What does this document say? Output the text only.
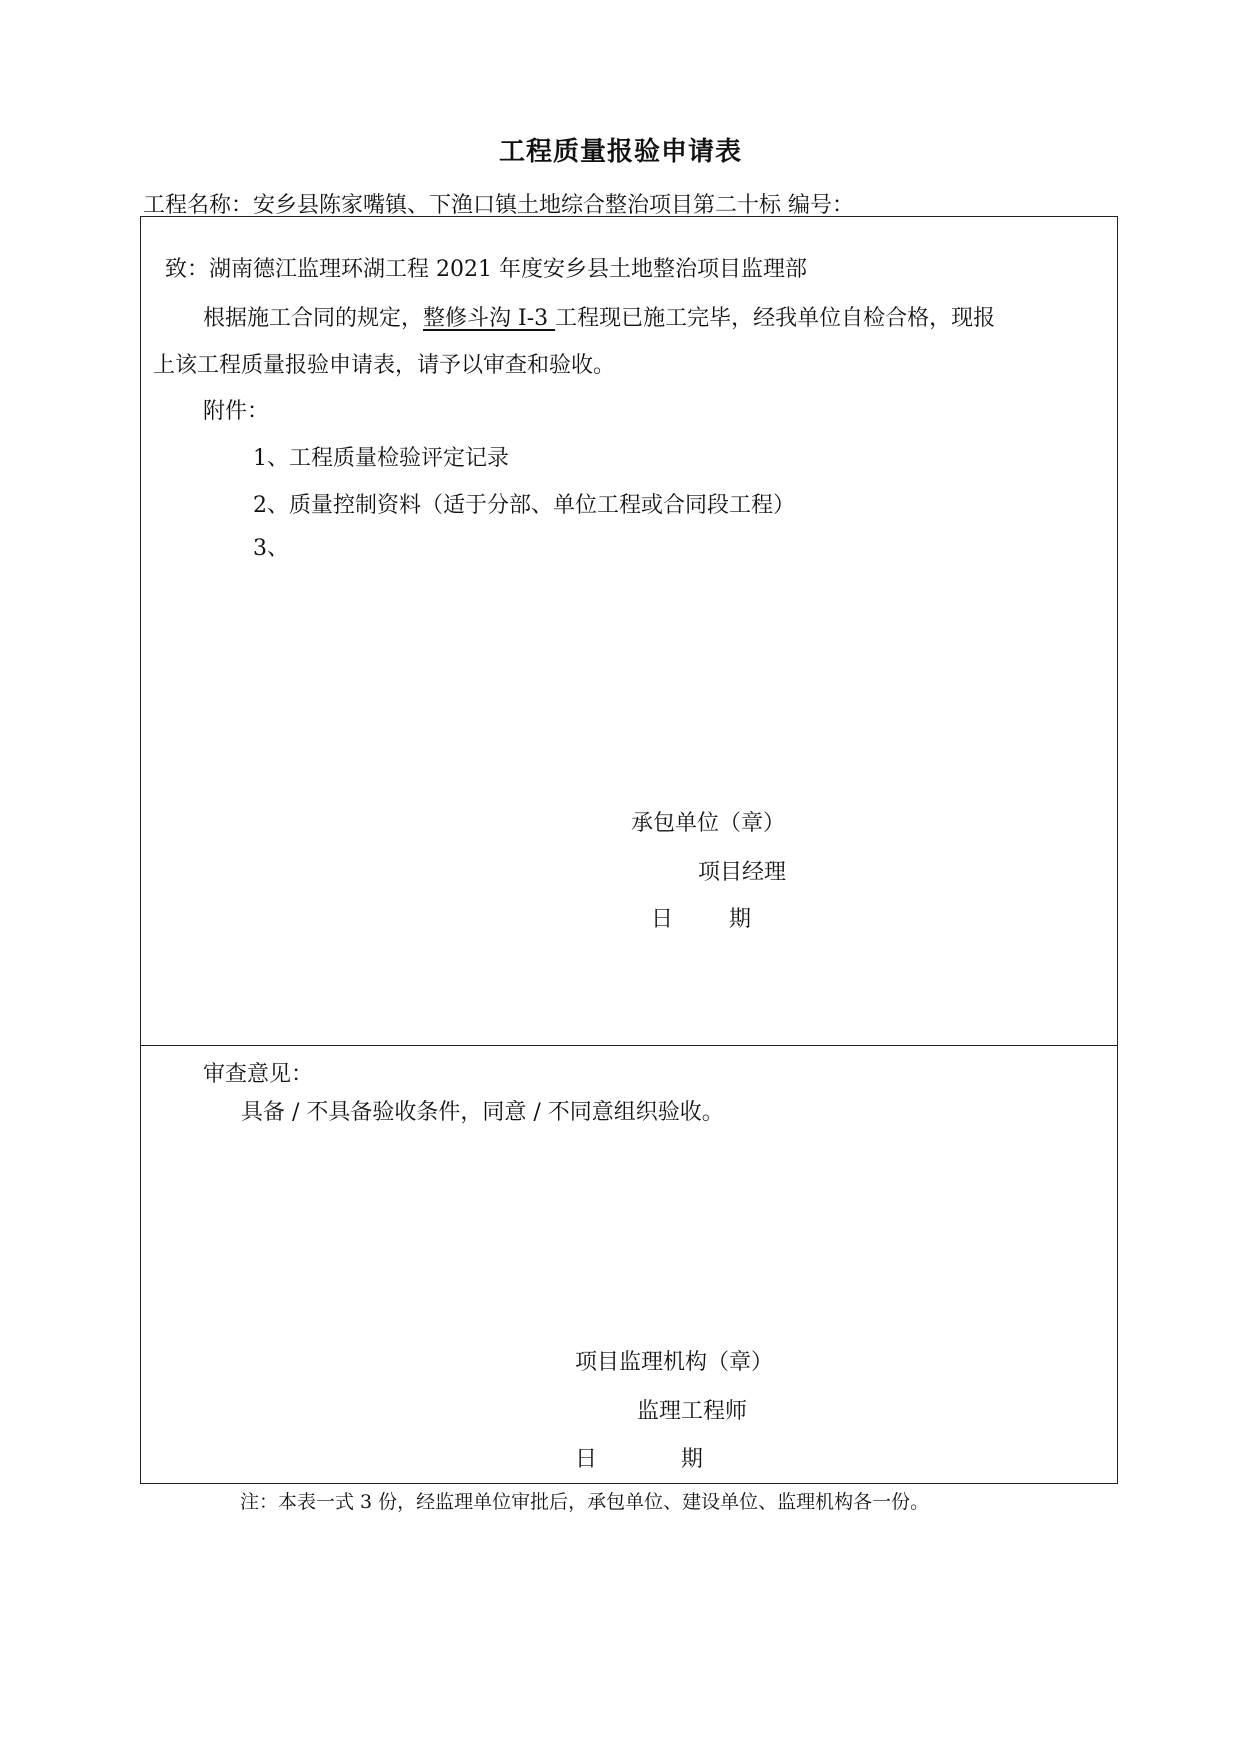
工程质量报验申请表
工程名称：安乡县陈家嘴镇、下渔口镇土地综合整治项目第二十标 编号：
致：湖南德江监理环湖工程 2021 年度安乡县土地整治项目监理部
根据施工合同的规定，整修斗沟 I-3 工程现已施工完毕，经我单位自检合格，现报
上该工程质量报验申请表，请予以审查和验收。
附件：
1、工程质量检验评定记录
2、质量控制资料（适于分部、单位工程或合同段工程）
3、
承包单位（章）
项目经理
日        期
审查意见：
具备 / 不具备验收条件，同意 / 不同意组织验收。
项目监理机构（章）
监理工程师
日            期
注：本表一式 3 份，经监理单位审批后，承包单位、建设单位、监理机构各一份。
